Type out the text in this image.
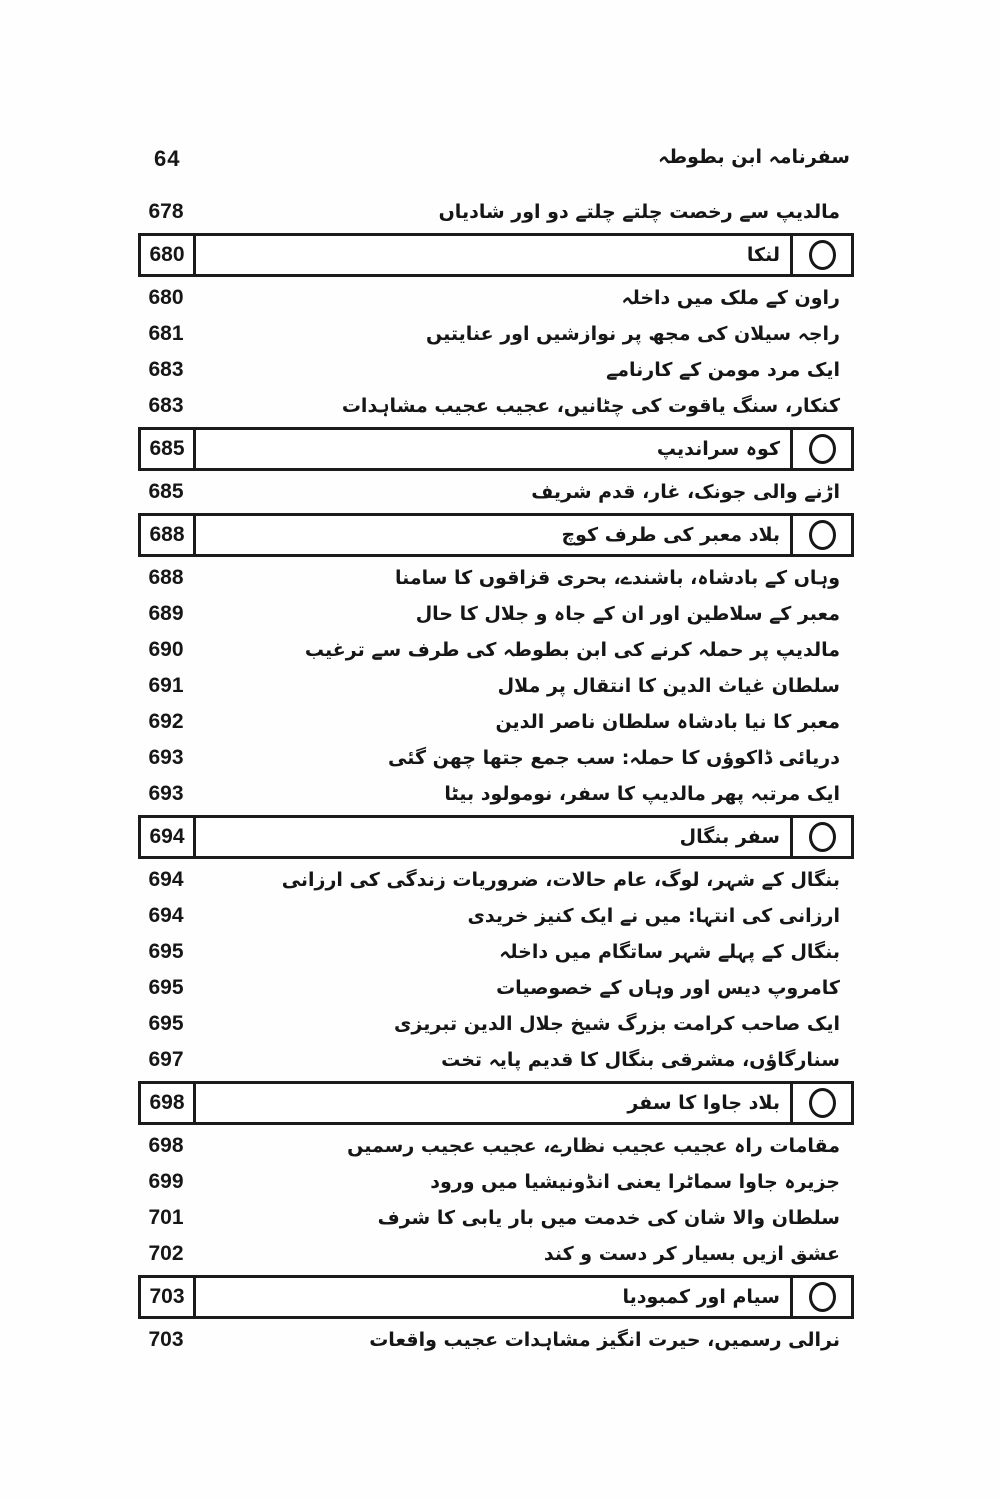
64	سفرنامہ ابن بطوطہ
678	مالدیپ سے رخصت چلتے چلتے دو اور شادیاں
680	لنکا
680	راون کے ملک میں داخلہ
681	راجہ سیلان کی مجھ پر نوازشیں اور عنایتیں
683	ایک مرد مومن کے کارنامے
683	کنکار، سنگ یاقوت کی چٹانیں، عجیب عجیب مشاہدات
685	کوہ سراندیپ
685	اڑنے والی جونک، غار، قدم شریف
688	بلاد معبر کی طرف کوچ
688	وہاں کے بادشاہ، باشندے، بحری قزاقوں کا سامنا
689	معبر کے سلاطین اور ان کے جاہ و جلال کا حال
690	مالدیپ پر حملہ کرنے کی ابن بطوطہ کی طرف سے ترغیب
691	سلطان غیاث الدین کا انتقال پر ملال
692	معبر کا نیا بادشاہ سلطان ناصر الدین
693	دریائی ڈاکوؤں کا حملہ: سب جمع جتھا چھن گئی
693	ایک مرتبہ پھر مالدیپ کا سفر، نومولود بیٹا
694	سفر بنگال
694	بنگال کے شہر، لوگ، عام حالات، ضروریات زندگی کی ارزانی
694	ارزانی کی انتہا: میں نے ایک کنیز خریدی
695	بنگال کے پہلے شہر ساتگام میں داخلہ
695	کامروپ دیس اور وہاں کے خصوصیات
695	ایک صاحب کرامت بزرگ شیخ جلال الدین تبریزی
697	سنارگاؤں، مشرقی بنگال کا قدیم پایہ تخت
698	بلاد جاوا کا سفر
698	مقامات راہ عجیب عجیب نظارے، عجیب عجیب رسمیں
699	جزیرہ جاوا سماٹرا یعنی انڈونیشیا میں ورود
701	سلطان والا شان کی خدمت میں بار یابی کا شرف
702	عشق ازیں بسیار کر دست و کند
703	سیام اور کمبودیا
703	نرالی رسمیں، حیرت انگیز مشاہدات عجیب واقعات
